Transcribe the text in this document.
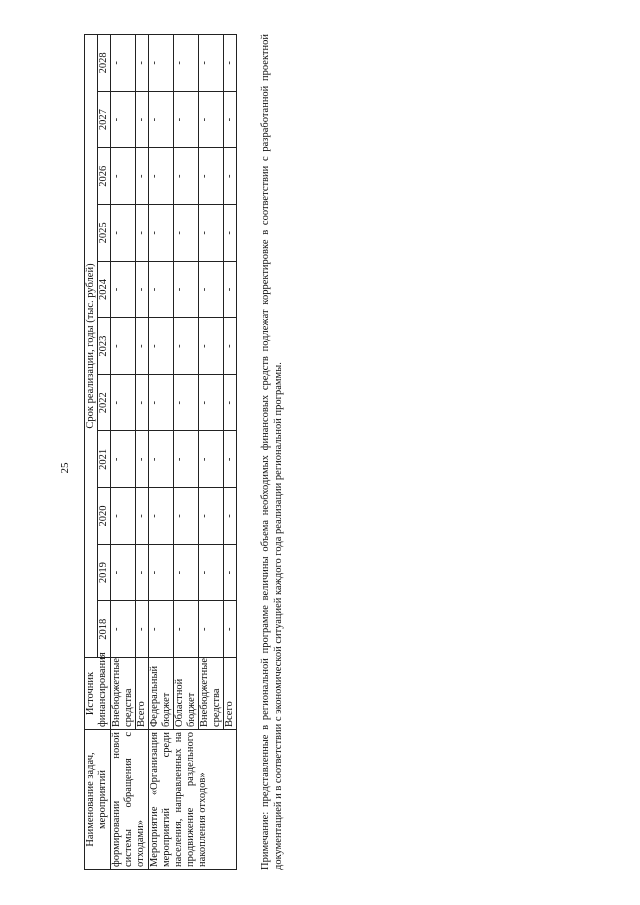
25
Наименование задач, мероприятий	Источник финансирования	Срок реализации, годы (тыс. рублей)										
		2018	2019	2020	2021	2022	2023	2024	2025	2026	2027	2028
формировании новой системы обращения с отходами»	Внебюджетные средства	-	-	-	-	-	-	-	-	-	-	-
	Всего	-	-	-	-	-	-	-	-	-	-	-
Мероприятие «Организация мероприятий среди населения, направленных на продвижение раздельного накопления отходов»	Федеральный бюджет	-	-	-	-	-	-	-	-	-	-	-
	Областной бюджет	-	-	-	-	-	-	-	-	-	-	-
	Внебюджетные средства	-	-	-	-	-	-	-	-	-	-	-
	Всего	-	-	-	-	-	-	-	-	-	-	- Примечание: представленные в региональной программе величины объема необходимых финансовых средств подлежат корректировке в соответствии с разработанной проектной документацией и в соответствии с экономической ситуацией каждого года реализации региональной программы.
